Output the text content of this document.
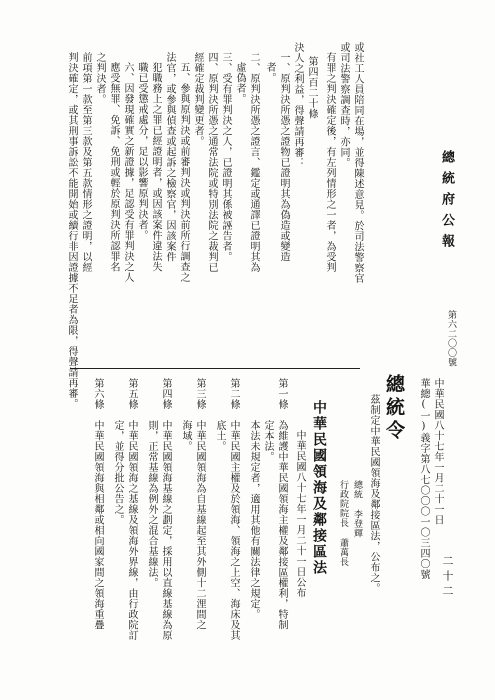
二十二
總統府公報
第六二〇〇號
或社工人員陪同在場，並得陳述意見。於司法警察官
或司法警察調查時，亦同。
有罪之判決確定後，有左列情形之一者，為受判
第四百二十條
決人之利益，得聲請再審：
一、原判決所憑之證物已證明其為偽造或變造
者。
二、原判決所憑之證言、鑑定或通譯已證明其為
虛偽者。
三、受有罪判決之人，已證明其係被誣告者。
四、原判決所憑之通常法院或特別法院之裁判已
經確定裁判變更者。
五、參與原判決或前審判決或判決前所行調查之
法官，或參與偵查或起訴之檢察官，因該案件
犯職務上之罪已經證明者，或因該案件違法失
職已受懲戒處分，足以影響原判決者。
六、因發現確實之新證據，足認受有罪判決之人
應受無罪、免訴、免刑或輕於原判決所認罪名
之判決者。
前項第一款至第三款及第五款情形之證明，以經
判決確定，或其刑事訴訟不能開始或續行非因證據不足者為限，得聲請再審。
中華民國八十七年一月二十一日
華總(一)義字第八七〇〇〇一〇三四〇號
總統令
茲制定中華民國領海及鄰接區法，公布之。
總統 李登輝
行政院院長 蕭萬長
中華民國領海及鄰接區法
中華民國八十七年一月二十一日公布
第一條
為維護中華民國領海主權及鄰接區權利，特制
定本法。
本法未規定者，適用其他有關法律之規定。
第二條
中華民國主權及於領海、領海之上空、海床及其
底土。
第三條
中華民國領海為自基線起至其外側十二浬間之
海域。
第四條
中華民國領海基線之劃定，採用以直線基線為原
則，正常基線為例外之混合基線法。
第五條
中華民國領海之基線及領海外界線，由行政院訂
定，並得分批公告之。
第六條
中華民國領海與相鄰或相向國家間之領海重疊
